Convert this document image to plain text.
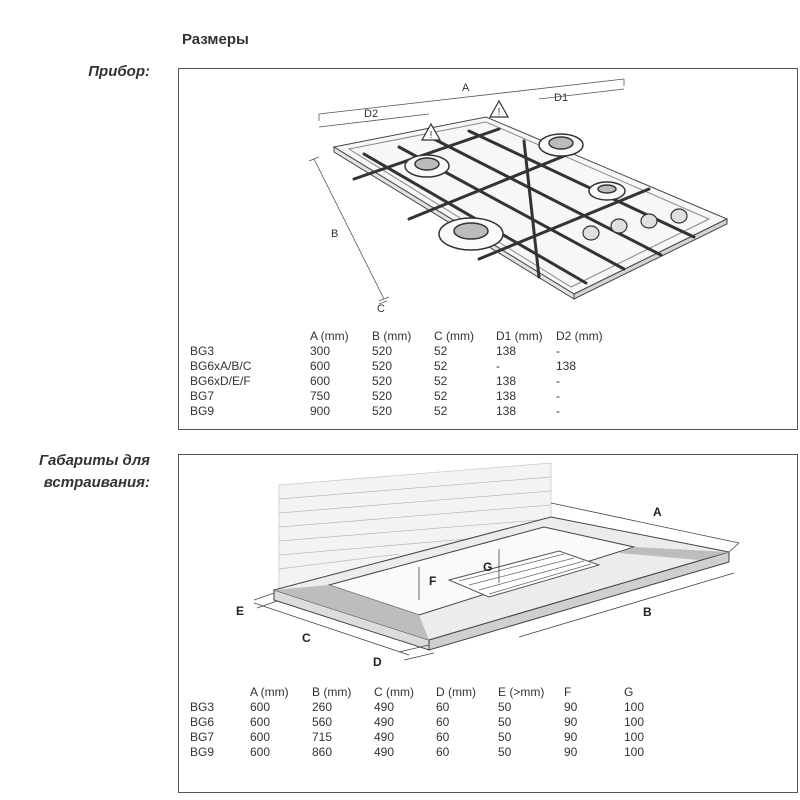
Размеры
Прибор:
Габариты для
встраивания:
!
!
A
D2
D1
B
C
	A (mm)	B (mm)	C (mm)	D1 (mm)	D2 (mm)
BG3	300	520	52	138	-
BG6xA/B/C	600	520	52	-	138
BG6xD/E/F	600	520	52	138	-
BG7	750	520	52	138	-
BG9	900	520	52	138	-
A
B
C
D
E
F
G
	A (mm)	B (mm)	C (mm)	D (mm)	E (>mm)	F	G
BG3	600	260	490	60	50	90	100
BG6	600	560	490	60	50	90	100
BG7	600	715	490	60	50	90	100
BG9	600	860	490	60	50	90	100
